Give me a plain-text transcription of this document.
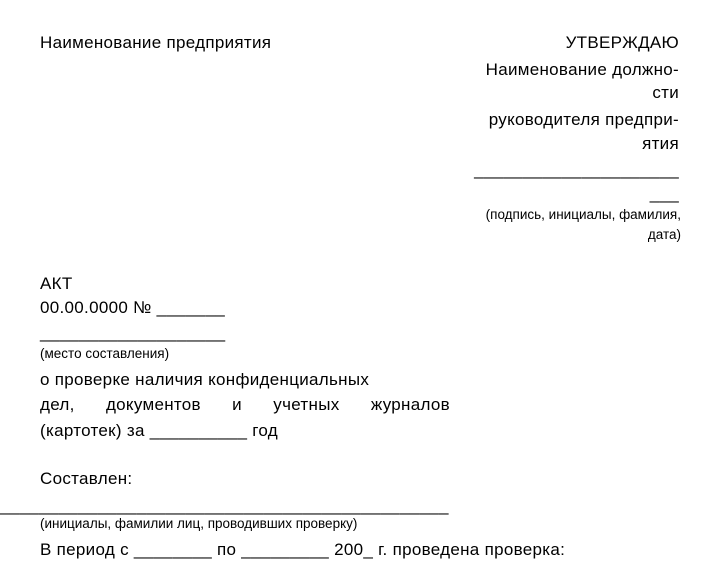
Наименование предприятия	УТВЕРЖДАЮ
Наименование должно-
сти
руководителя предпри-
ятия
_____________________
___
(подпись, инициалы, фамилия,
дата)
АКТ
00.00.0000 № _______
___________________
(место составления)
о проверке наличия конфиденциальных
дел, документов и учетных журналов
(картотек) за __________ год
Составлен:
______________________________________________
(инициалы, фамилии лиц, проводивших проверку)
В период с ________ по _________ 200_ г. проведена проверка:
